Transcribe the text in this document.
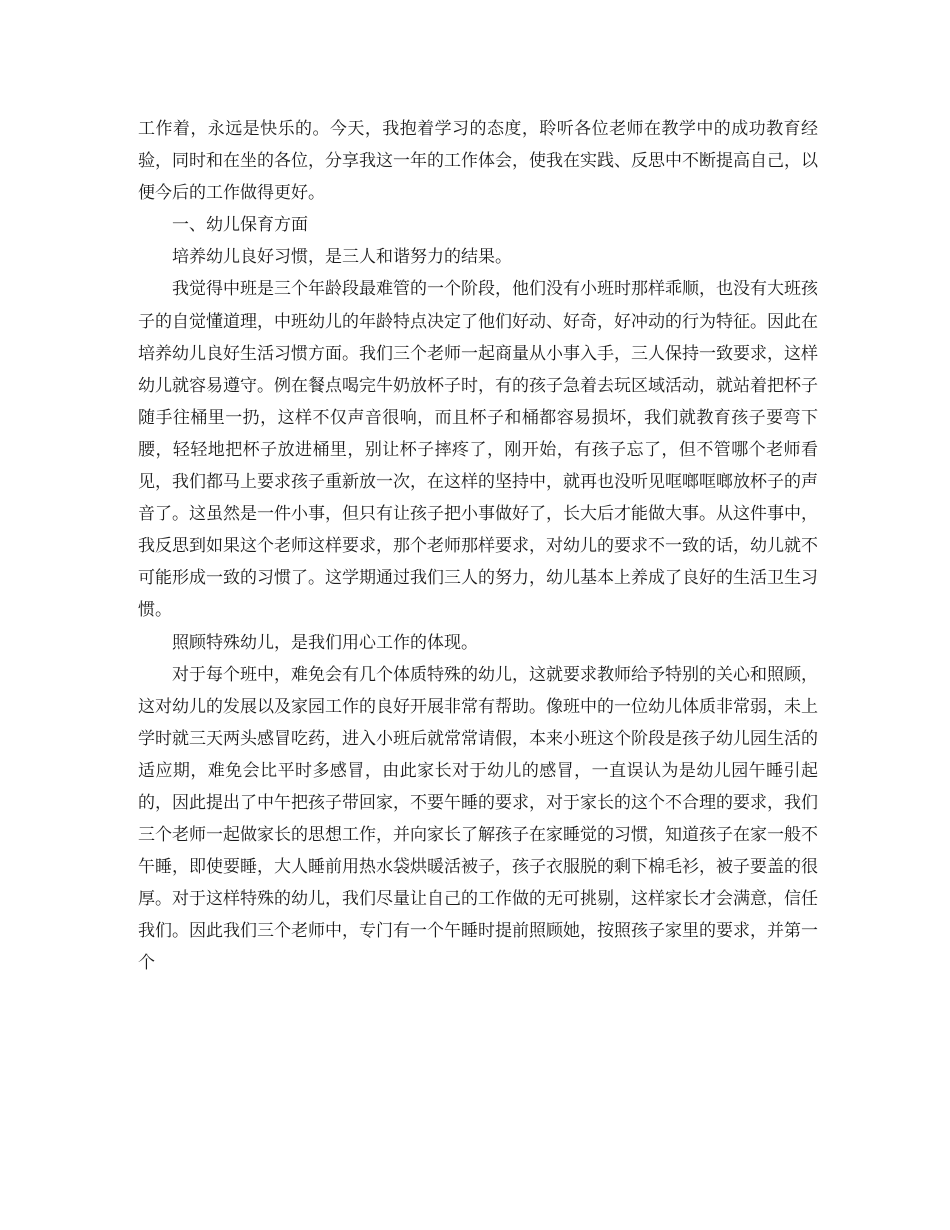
工作着，永远是快乐的。今天，我抱着学习的态度，聆听各位老师在教学中的成功教育经验，同时和在坐的各位，分享我这一年的工作体会，使我在实践、反思中不断提高自己，以便今后的工作做得更好。

一、幼儿保育方面

培养幼儿良好习惯，是三人和谐努力的结果。

我觉得中班是三个年龄段最难管的一个阶段，他们没有小班时那样乖顺，也没有大班孩子的自觉懂道理，中班幼儿的年龄特点决定了他们好动、好奇，好冲动的行为特征。因此在培养幼儿良好生活习惯方面。我们三个老师一起商量从小事入手，三人保持一致要求，这样幼儿就容易遵守。例在餐点喝完牛奶放杯子时，有的孩子急着去玩区域活动，就站着把杯子随手往桶里一扔，这样不仅声音很响，而且杯子和桶都容易损坏，我们就教育孩子要弯下腰，轻轻地把杯子放进桶里，别让杯子摔疼了，刚开始，有孩子忘了，但不管哪个老师看见，我们都马上要求孩子重新放一次，在这样的坚持中，就再也没听见哐啷哐啷放杯子的声音了。这虽然是一件小事，但只有让孩子把小事做好了，长大后才能做大事。从这件事中，我反思到如果这个老师这样要求，那个老师那样要求，对幼儿的要求不一致的话，幼儿就不可能形成一致的习惯了。这学期通过我们三人的努力，幼儿基本上养成了良好的生活卫生习惯。

照顾特殊幼儿，是我们用心工作的体现。

对于每个班中，难免会有几个体质特殊的幼儿，这就要求教师给予特别的关心和照顾，这对幼儿的发展以及家园工作的良好开展非常有帮助。像班中的一位幼儿体质非常弱，未上学时就三天两头感冒吃药，进入小班后就常常请假，本来小班这个阶段是孩子幼儿园生活的适应期，难免会比平时多感冒，由此家长对于幼儿的感冒，一直误认为是幼儿园午睡引起的，因此提出了中午把孩子带回家，不要午睡的要求，对于家长的这个不合理的要求，我们三个老师一起做家长的思想工作，并向家长了解孩子在家睡觉的习惯，知道孩子在家一般不午睡，即使要睡，大人睡前用热水袋烘暖活被子，孩子衣服脱的剩下棉毛衫，被子要盖的很厚。对于这样特殊的幼儿，我们尽量让自己的工作做的无可挑剔，这样家长才会满意，信任我们。因此我们三个老师中，专门有一个午睡时提前照顾她，按照孩子家里的要求，并第一个
